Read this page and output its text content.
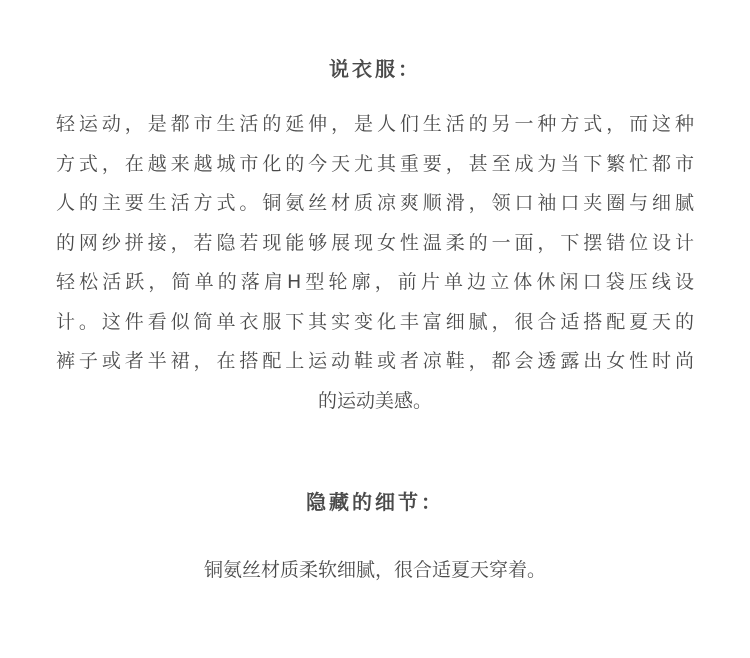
说衣服：
轻运动，是都市生活的延伸，是人们生活的另一种方式，而这种
方式，在越来越城市化的今天尤其重要，甚至成为当下繁忙都市
人的主要生活方式。铜氨丝材质凉爽顺滑，领口袖口夹圈与细腻
的网纱拼接，若隐若现能够展现女性温柔的一面，下摆错位设计
轻松活跃，简单的落肩H型轮廓，前片单边立体休闲口袋压线设
计。这件看似简单衣服下其实变化丰富细腻，很合适搭配夏天的
裤子或者半裙，在搭配上运动鞋或者凉鞋，都会透露出女性时尚
的运动美感。
隐藏的细节：
铜氨丝材质柔软细腻，很合适夏天穿着。
